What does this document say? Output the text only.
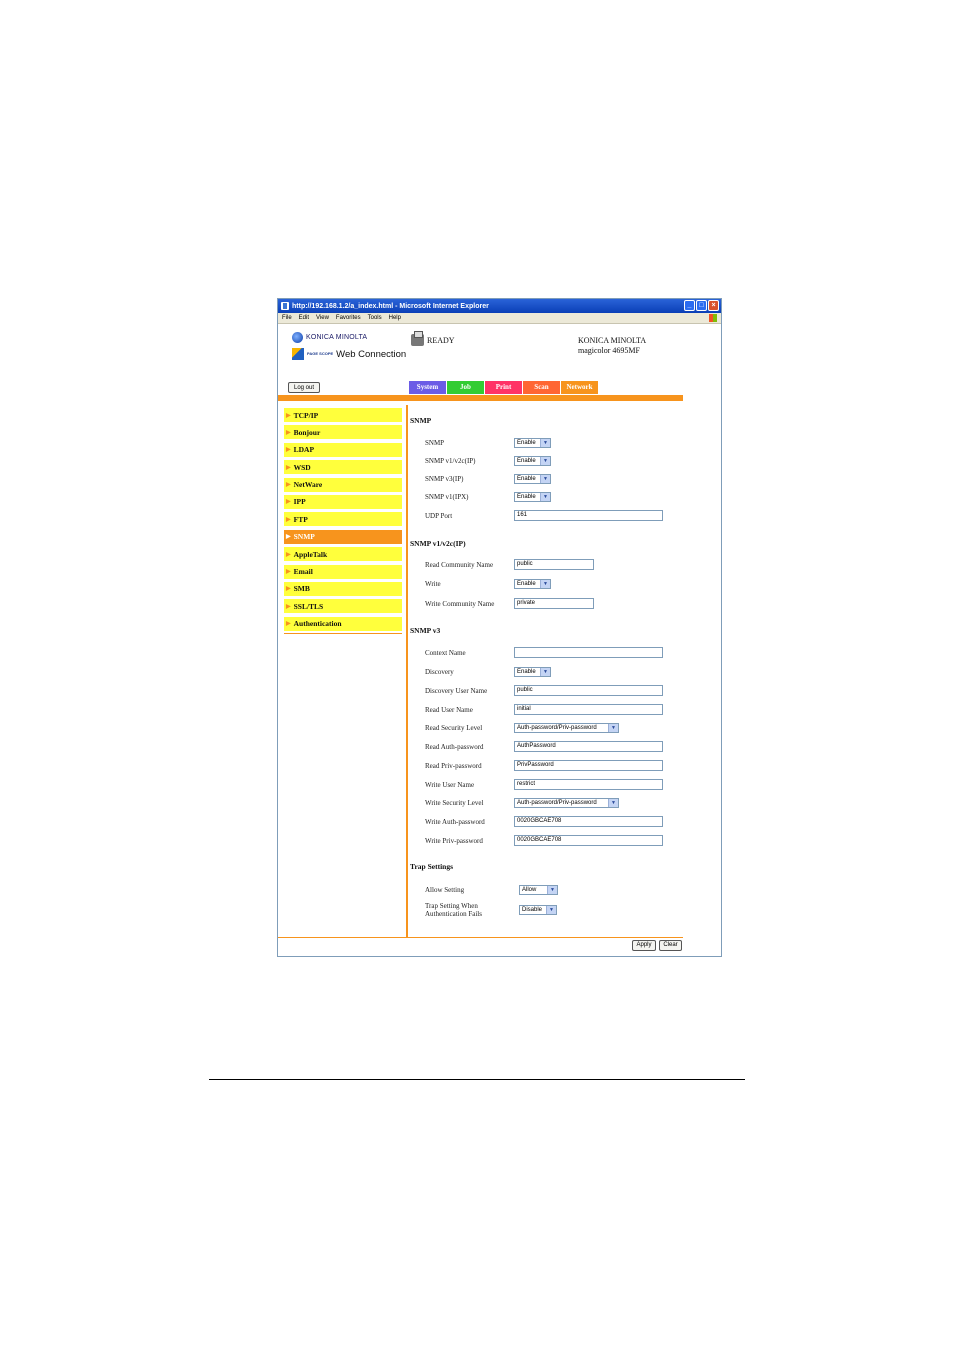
http://192.168.1.2/a_index.html - Microsoft Internet Explorer	_	□	×
File Edit View Favorites Tools Help
KONICA MINOLTA
PAGE SCOPE Web Connection
READY	KONICA MINOLTA
magicolor 4695MF
Log out	System	Job	Print	Scan	Network
▶ TCP/IP
▶ Bonjour
▶ LDAP
▶ WSD
▶ NetWare
▶ IPP
▶ FTP
▶ SNMP
▶ AppleTalk
▶ Email
▶ SMB
▶ SSL/TLS
▶ Authentication
SNMP
SNMP	Enable	▼
SNMP v1/v2c(IP)	Enable	▼
SNMP v3(IP)	Enable	▼
SNMP v1(IPX)	Enable	▼
UDP Port	161
SNMP v1/v2c(IP)
Read Community Name	public
Write	Enable	▼
Write Community Name	private
SNMP v3
Context Name
Discovery	Enable	▼
Discovery User Name	public
Read User Name	initial
Read Security Level	Auth-password/Priv-password	▼
Read Auth-password	AuthPassword
Read Priv-password	PrivPassword
Write User Name	restrict
Write Security Level	Auth-password/Priv-password	▼
Write Auth-password	0020GBCAE708
Write Priv-password	0020GBCAE708
Trap Settings
Allow Setting	Allow	▼
Trap Setting When
Authentication Fails	Disable	▼
Apply	Clear
